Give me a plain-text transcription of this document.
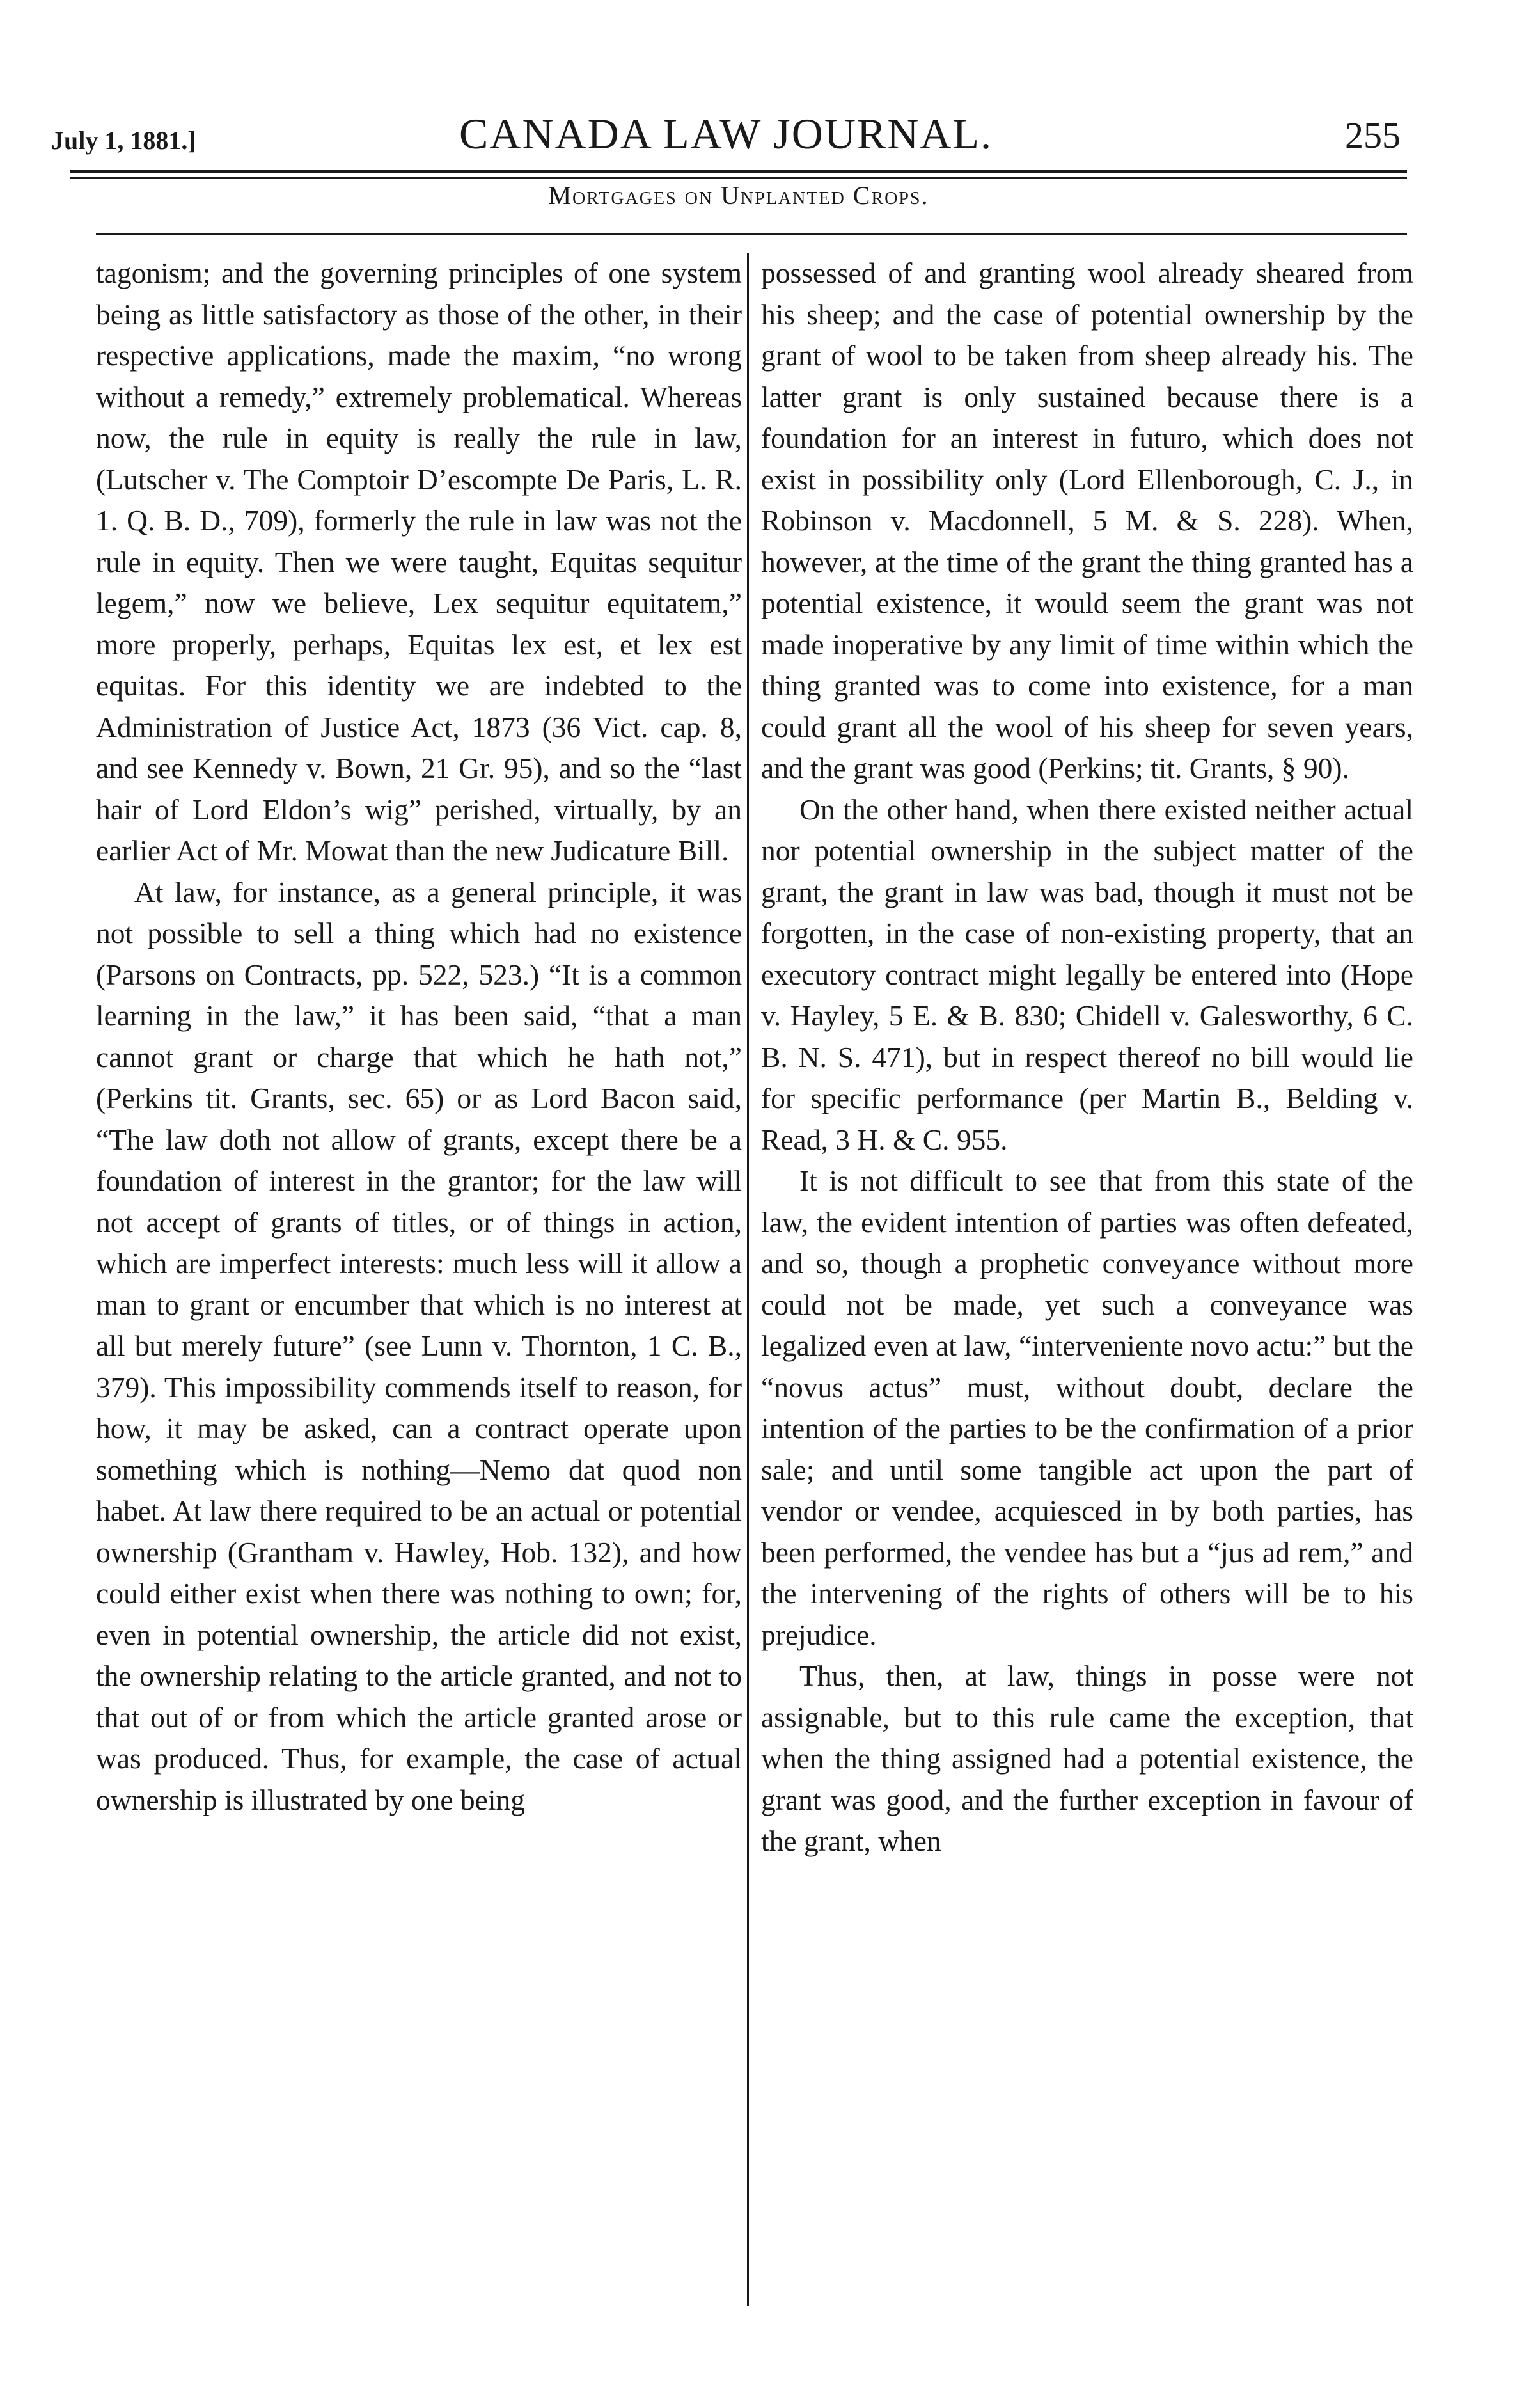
July 1, 1881.]	CANADA LAW JOURNAL.	255
Mortgages on Unplanted Crops.

tagonism; and the governing principles of one system being as little satisfactory as those of the other, in their respective applications, made the maxim, “no wrong without a remedy,” extremely problematical. Whereas now, the rule in equity is really the rule in law, (Lutscher v. The Comptoir D’escompte De Paris, L. R. 1. Q. B. D., 709), formerly the rule in law was not the rule in equity. Then we were taught, Equitas sequitur legem,” now we believe, Lex sequitur equitatem,” more properly, perhaps, Equitas lex est, et lex est equitas. For this identity we are indebted to the Administration of Justice Act, 1873 (36 Vict. cap. 8, and see Kennedy v. Bown, 21 Gr. 95), and so the “last hair of Lord Eldon’s wig” perished, virtually, by an earlier Act of Mr. Mowat than the new Judicature Bill.

At law, for instance, as a general principle, it was not possible to sell a thing which had no existence (Parsons on Contracts, pp. 522, 523.) “It is a common learning in the law,” it has been said, “that a man cannot grant or charge that which he hath not,” (Perkins tit. Grants, sec. 65) or as Lord Bacon said, “The law doth not allow of grants, except there be a foundation of interest in the grantor; for the law will not accept of grants of titles, or of things in action, which are imperfect interests: much less will it allow a man to grant or encumber that which is no interest at all but merely future” (see Lunn v. Thornton, 1 C. B., 379). This impossibility commends itself to reason, for how, it may be asked, can a contract operate upon something which is nothing—Nemo dat quod non habet. At law there required to be an actual or potential ownership (Grantham v. Hawley, Hob. 132), and how could either exist when there was nothing to own; for, even in potential ownership, the article did not exist, the ownership relating to the article granted, and not to that out of or from which the article granted arose or was produced. Thus, for example, the case of actual ownership is illustrated by one being

possessed of and granting wool already sheared from his sheep; and the case of potential ownership by the grant of wool to be taken from sheep already his. The latter grant is only sustained because there is a foundation for an interest in futuro, which does not exist in possibility only (Lord Ellenborough, C. J., in Robinson v. Macdonnell, 5 M. & S. 228). When, however, at the time of the grant the thing granted has a potential existence, it would seem the grant was not made inoperative by any limit of time within which the thing granted was to come into existence, for a man could grant all the wool of his sheep for seven years, and the grant was good (Perkins; tit. Grants, § 90).

On the other hand, when there existed neither actual nor potential ownership in the subject matter of the grant, the grant in law was bad, though it must not be forgotten, in the case of non-existing property, that an executory contract might legally be entered into (Hope v. Hayley, 5 E. & B. 830; Chidell v. Galesworthy, 6 C. B. N. S. 471), but in respect thereof no bill would lie for specific performance (per Martin B., Belding v. Read, 3 H. & C. 955.

It is not difficult to see that from this state of the law, the evident intention of parties was often defeated, and so, though a prophetic conveyance without more could not be made, yet such a conveyance was legalized even at law, “interveniente novo actu:” but the “novus actus” must, without doubt, declare the intention of the parties to be the confirmation of a prior sale; and until some tangible act upon the part of vendor or vendee, acquiesced in by both parties, has been performed, the vendee has but a “jus ad rem,” and the intervening of the rights of others will be to his prejudice.

Thus, then, at law, things in posse were not assignable, but to this rule came the exception, that when the thing assigned had a potential existence, the grant was good, and the further exception in favour of the grant, when
